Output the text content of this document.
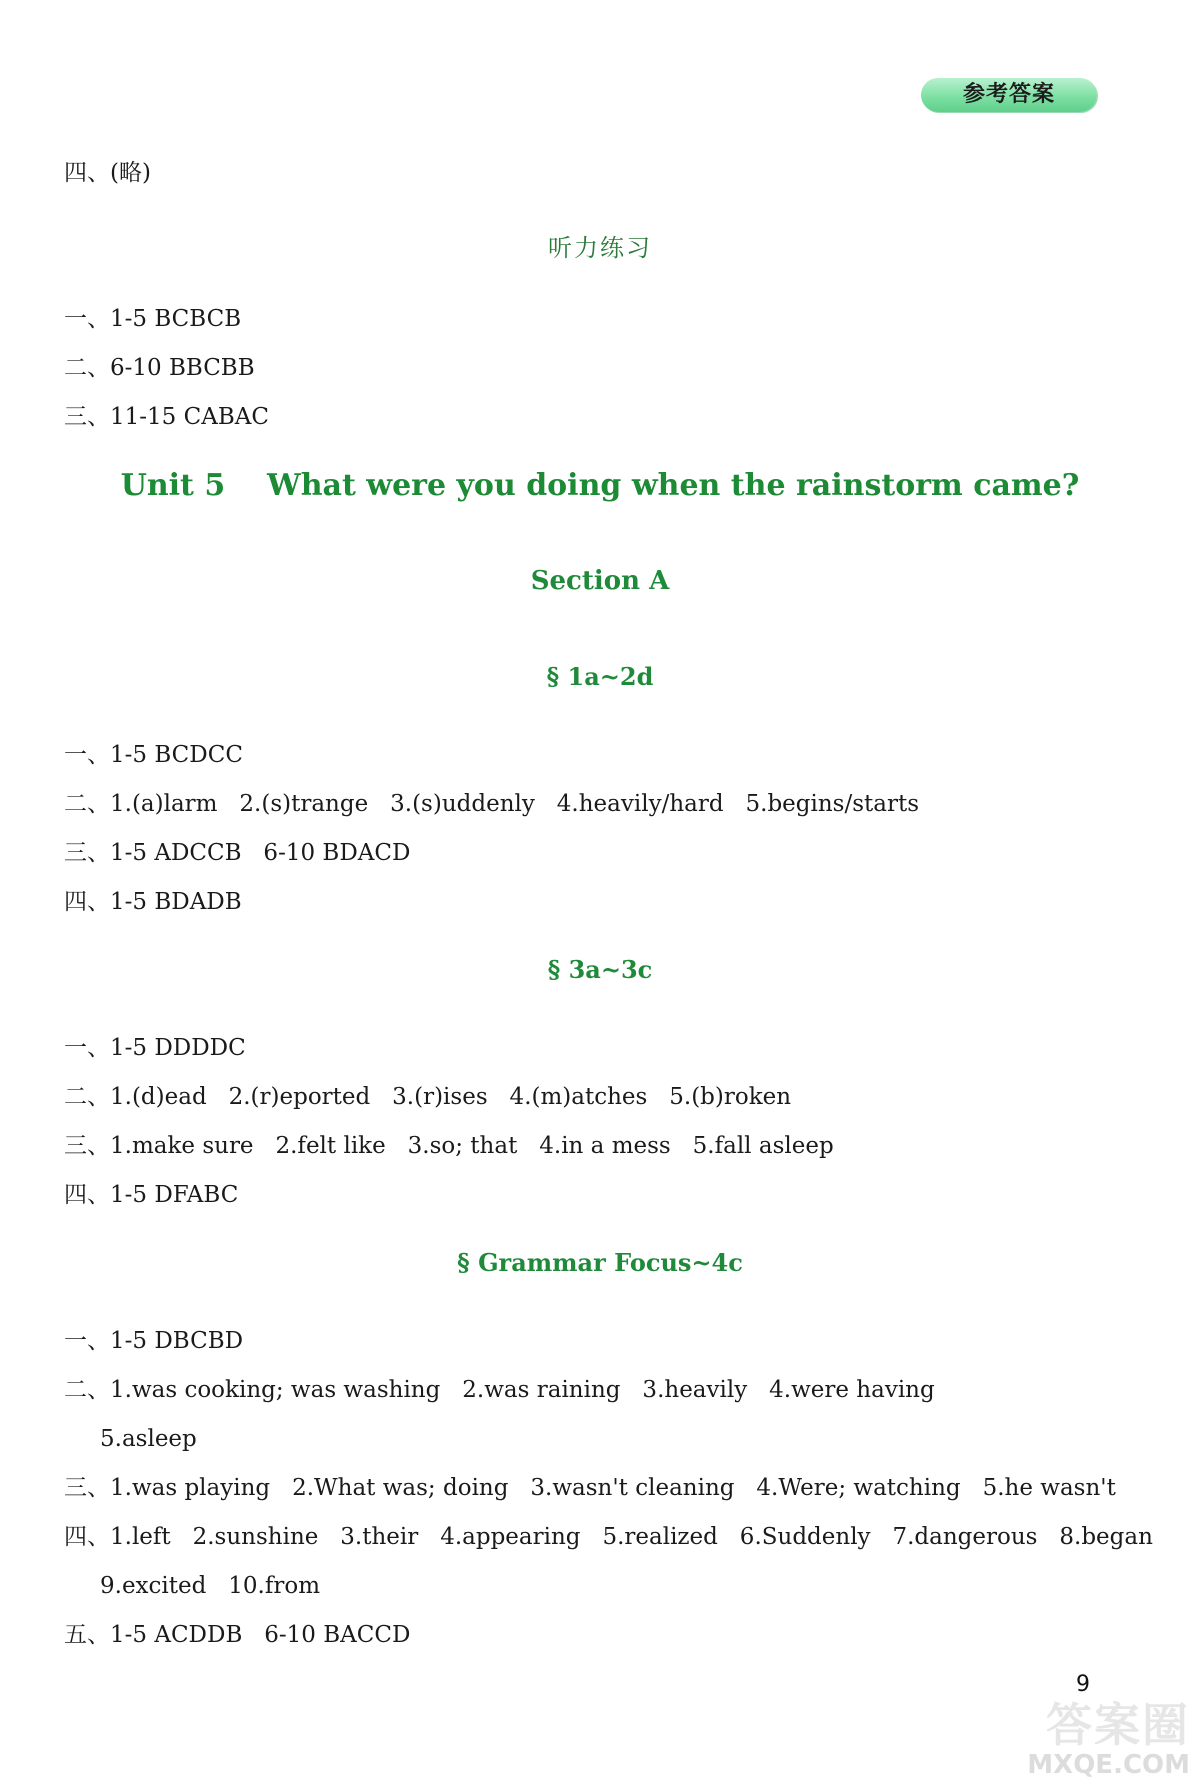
参考答案
四、(略)
听力练习
一、1-5 BCBCB
二、6-10 BBCBB
三、11-15 CABAC
Unit 5    What were you doing when the rainstorm came?
Section A
§ 1a~2d
一、1-5 BCDCC
二、1.(a)larm   2.(s)trange   3.(s)uddenly   4.heavily/hard   5.begins/starts
三、1-5 ADCCB   6-10 BDACD
四、1-5 BDADB
§ 3a~3c
一、1-5 DDDDC
二、1.(d)ead   2.(r)eported   3.(r)ises   4.(m)atches   5.(b)roken
三、1.make sure   2.felt like   3.so; that   4.in a mess   5.fall asleep
四、1-5 DFABC
§ Grammar Focus~4c
一、1-5 DBCBD
二、1.was cooking; was washing   2.was raining   3.heavily   4.were having
5.asleep
三、1.was playing   2.What was; doing   3.wasn't cleaning   4.Were; watching   5.he wasn't
四、1.left   2.sunshine   3.their   4.appearing   5.realized   6.Suddenly   7.dangerous   8.began
9.excited   10.from
五、1-5 ACDDB   6-10 BACCD
9
答案圈
MXQE.COM
